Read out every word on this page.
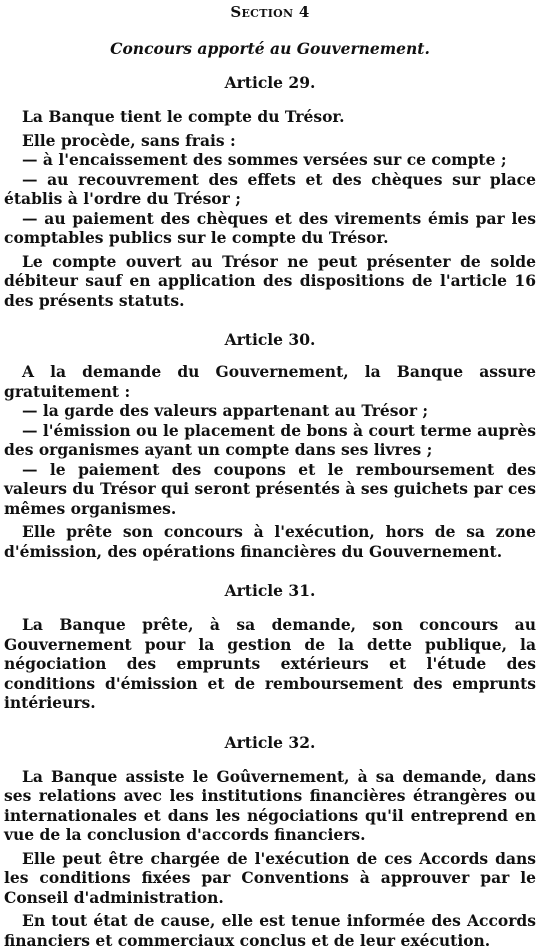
Section 4
Concours apporté au Gouvernement.
Article 29.

La Banque tient le compte du Trésor.

Elle procède, sans frais :

— à l'encaissement des sommes versées sur ce compte ;

— au recouvrement des effets et des chèques sur place établis à l'ordre du Trésor ;

— au paiement des chèques et des virements émis par les comptables publics sur le compte du Trésor.

Le compte ouvert au Trésor ne peut présenter de solde débiteur sauf en application des dispositions de l'article 16 des présents statuts.

Article 30.

A la demande du Gouvernement, la Banque assure gratuitement :

— la garde des valeurs appartenant au Trésor ;

— l'émission ou le placement de bons à court terme auprès des organismes ayant un compte dans ses livres ;

— le paiement des coupons et le remboursement des valeurs du Trésor qui seront présentés à ses guichets par ces mêmes organismes.

Elle prête son concours à l'exécution, hors de sa zone d'émission, des opérations financières du Gouvernement.

Article 31.

La Banque prête, à sa demande, son concours au Gouvernement pour la gestion de la dette publique, la négociation des emprunts extérieurs et l'étude des conditions d'émission et de remboursement des emprunts intérieurs.

Article 32.

La Banque assiste le Goûvernement, à sa demande, dans ses relations avec les institutions financières étrangères ou internationales et dans les négociations qu'il entreprend en vue de la conclusion d'accords financiers.

Elle peut être chargée de l'exécution de ces Accords dans les conditions fixées par Conventions à approuver par le Conseil d'administration.

En tout état de cause, elle est tenue informée des Accords financiers et commerciaux conclus et de leur exécution.
